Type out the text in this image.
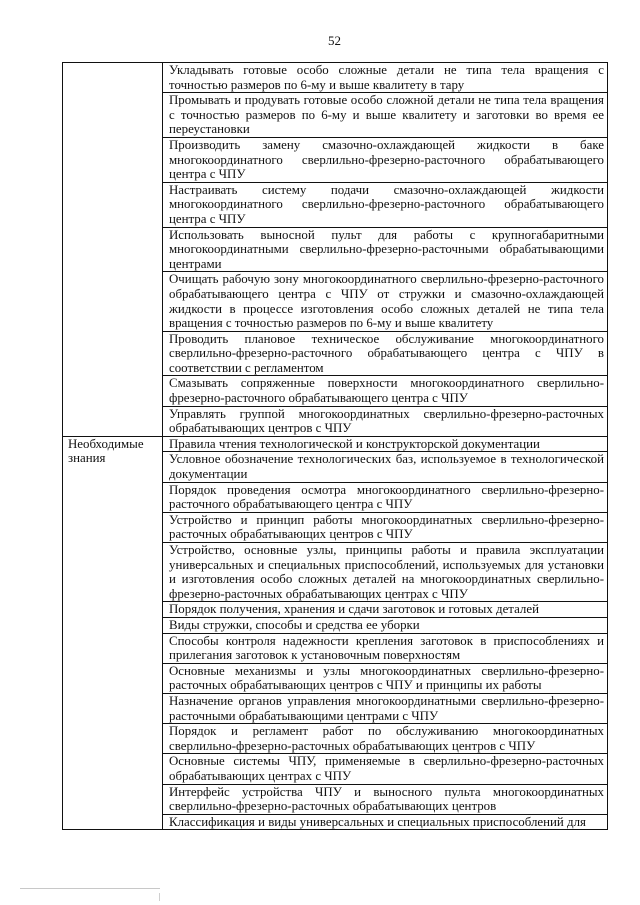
52
	Укладывать готовые особо сложные детали не типа тела вращения с точностью размеров по 6-му и выше квалитету в тару
	Промывать и продувать готовые особо сложной детали не типа тела вращения с точностью размеров по 6-му и выше квалитету и заготовки во время ее переустановки
	Производить замену смазочно-охлаждающей жидкости в баке многокоординатного сверлильно-фрезерно-расточного обрабатывающего центра с ЧПУ
	Настраивать систему подачи смазочно-охлаждающей жидкости многокоординатного сверлильно-фрезерно-расточного обрабатывающего центра с ЧПУ
	Использовать выносной пульт для работы с крупногабаритными многокоординатными сверлильно-фрезерно-расточными обрабатывающими центрами
	Очищать рабочую зону многокоординатного сверлильно-фрезерно-расточного обрабатывающего центра с ЧПУ от стружки и смазочно-охлаждающей жидкости в процессе изготовления особо сложных деталей не типа тела вращения с точностью размеров по 6-му и выше квалитету
	Проводить плановое техническое обслуживание многокоординатного сверлильно-фрезерно-расточного обрабатывающего центра с ЧПУ в соответствии с регламентом
	Смазывать сопряженные поверхности многокоординатного сверлильно-фрезерно-расточного обрабатывающего центра с ЧПУ
	Управлять группой многокоординатных сверлильно-фрезерно-расточных обрабатывающих центров с ЧПУ
Необходимые знания	Правила чтения технологической и конструкторской документации
	Условное обозначение технологических баз, используемое в технологической документации
	Порядок проведения осмотра многокоординатного сверлильно-фрезерно-расточного обрабатывающего центра с ЧПУ
	Устройство и принцип работы многокоординатных сверлильно-фрезерно-расточных обрабатывающих центров с ЧПУ
	Устройство, основные узлы, принципы работы и правила эксплуатации универсальных и специальных приспособлений, используемых для установки и изготовления особо сложных деталей на многокоординатных сверлильно-фрезерно-расточных обрабатывающих центрах с ЧПУ
	Порядок получения, хранения и сдачи заготовок и готовых деталей
	Виды стружки, способы и средства ее уборки
	Способы контроля надежности крепления заготовок в приспособлениях и прилегания заготовок к установочным поверхностям
	Основные механизмы и узлы многокоординатных сверлильно-фрезерно-расточных обрабатывающих центров с ЧПУ и принципы их работы
	Назначение органов управления многокоординатными сверлильно-фрезерно-расточными обрабатывающими центрами с ЧПУ
	Порядок и регламент работ по обслуживанию многокоординатных сверлильно-фрезерно-расточных обрабатывающих центров с ЧПУ
	Основные системы ЧПУ, применяемые в сверлильно-фрезерно-расточных обрабатывающих центрах с ЧПУ
	Интерфейс устройства ЧПУ и выносного пульта многокоординатных сверлильно-фрезерно-расточных обрабатывающих центров
	Классификация и виды универсальных и специальных приспособлений для
